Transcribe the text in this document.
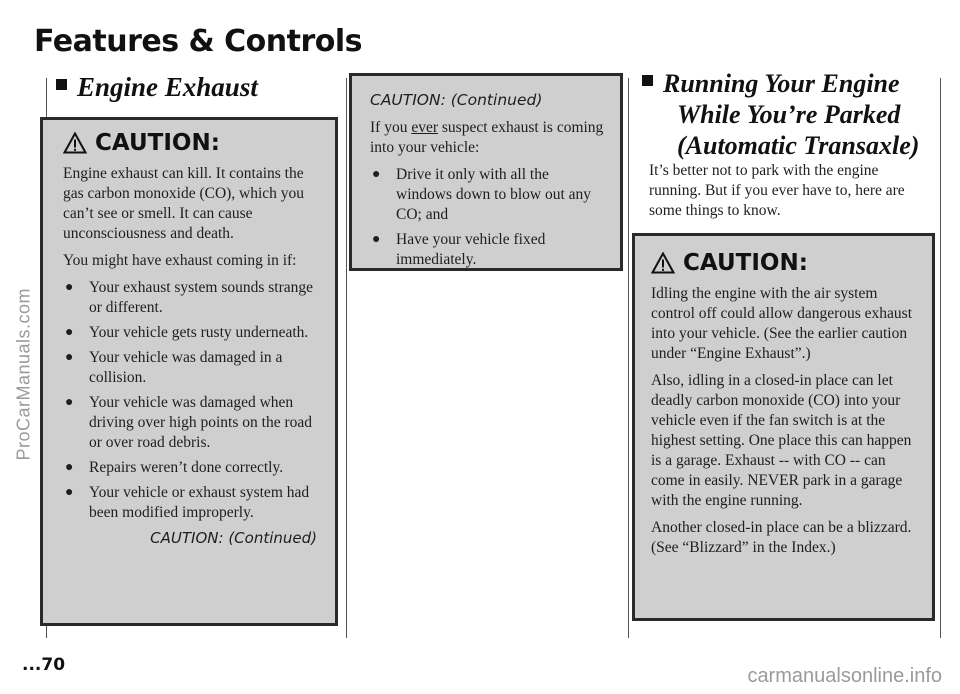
ProCarManuals.com
carmanualsonline.info
Features & Controls
Engine Exhaust
CAUTION:

Engine exhaust can kill. It contains the gas carbon monoxide (CO), which you can’t see or smell. It can cause unconsciousness and death.

You might have exhaust coming in if:

●	Your exhaust system sounds strange or different.
●	Your vehicle gets rusty underneath.
●	Your vehicle was damaged in a collision.
●	Your vehicle was damaged when driving over high points on the road or over road debris.
●	Repairs weren’t done correctly.
●	Your vehicle or exhaust system had been modified improperly.
CAUTION: (Continued)
CAUTION: (Continued)

If you ever suspect exhaust is coming into your vehicle:

●	Drive it only with all the windows down to blow out any CO; and
●	Have your vehicle fixed immediately.
Running Your Engine
While You’re Parked
(Automatic Transaxle)
It’s better not to park with the engine running. But if you ever have to, here are some things to know.
CAUTION:

Idling the engine with the air system control off could allow dangerous exhaust into your vehicle. (See the earlier caution under “Engine Exhaust”.)

Also, idling in a closed-in place can let deadly carbon monoxide (CO) into your vehicle even if the fan switch is at the highest setting. One place this can happen is a garage. Exhaust -- with CO -- can come in easily. NEVER park in a garage with the engine running.

Another closed-in place can be a blizzard. (See “Blizzard” in the Index.)

...70
